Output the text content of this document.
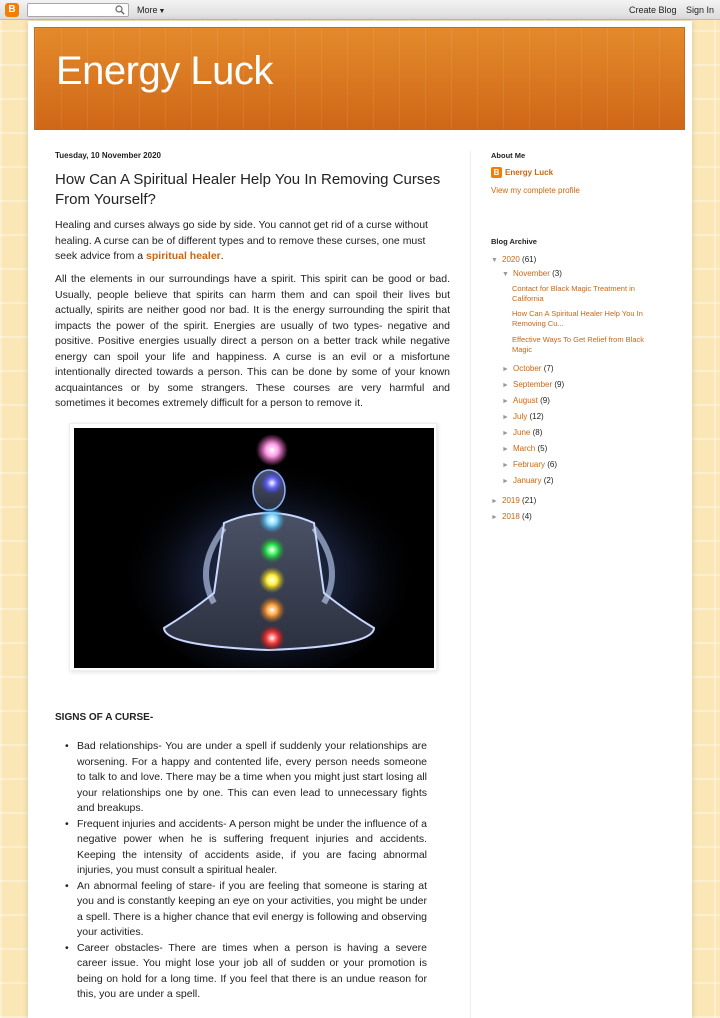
B	More▼	Create Blog Sign In
Energy Luck
Tuesday, 10 November 2020
How Can A Spiritual Healer Help You In Removing Curses From Yourself?
Healing and curses always go side by side. You cannot get rid of a curse without healing. A curse can be of different types and to remove these curses, one must seek advice from a spiritual healer.
All the elements in our surroundings have a spirit. This spirit can be good or bad. Usually, people believe that spirits can harm them and can spoil their lives but actually, spirits are neither good nor bad. It is the energy surrounding the spirit that impacts the power of the spirit. Energies are usually of two types- negative and positive. Positive energies usually direct a person on a better track while negative energy can spoil your life and happiness. A curse is an evil or a misfortune intentionally directed towards a person. This can be done by some of your known acquaintances or by some strangers. These courses are very harmful and sometimes it becomes extremely difficult for a person to remove it.
SIGNS OF A CURSE-
• Bad relationships- You are under a spell if suddenly your relationships are worsening. For a happy and contented life, every person needs someone to talk to and love. There may be a time when you might just start losing all your relationships one by one. This can even lead to unnecessary fights and breakups.
• Frequent injuries and accidents- A person might be under the influence of a negative power when he is suffering frequent injuries and accidents. Keeping the intensity of accidents aside, if you are facing abnormal injuries, you must consult a spiritual healer.
• An abnormal feeling of stare- if you are feeling that someone is staring at you and is constantly keeping an eye on your activities, you might be under a spell. There is a higher chance that evil energy is following and observing your activities.
• Career obstacles- There are times when a person is having a severe career issue. You might lose your job all of sudden or your promotion is being on hold for a long time. If you feel that there is an undue reason for this, you are under a spell.
About Me
B Energy Luck
View my complete profile
Blog Archive
▼ 2020 (61)
▼ November (3)
Contact for Black Magic Treatment in California
How Can A Spiritual Healer Help You In Removing Cu...
Effective Ways To Get Relief from Black Magic
► October (7)
► September (9)
► August (9)
► July (12)
► June (8)
► March (5)
► February (6)
► January (2)
► 2019 (21)
► 2018 (4)
